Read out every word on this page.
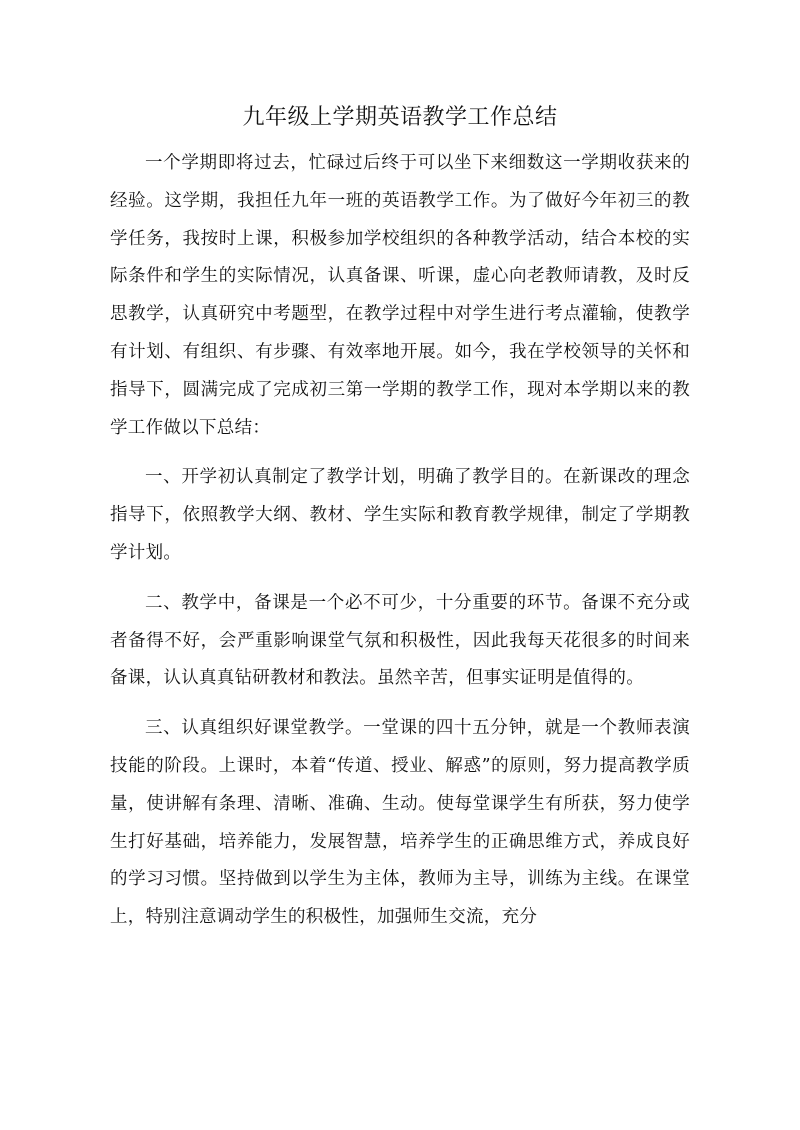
九年级上学期英语教学工作总结

一个学期即将过去，忙碌过后终于可以坐下来细数这一学期收获来的经验。这学期，我担任九年一班的英语教学工作。为了做好今年初三的教学任务，我按时上课，积极参加学校组织的各种教学活动，结合本校的实际条件和学生的实际情况，认真备课、听课，虚心向老教师请教，及时反思教学，认真研究中考题型，在教学过程中对学生进行考点灌输，使教学有计划、有组织、有步骤、有效率地开展。如今，我在学校领导的关怀和指导下，圆满完成了完成初三第一学期的教学工作，现对本学期以来的教学工作做以下总结：

一、开学初认真制定了教学计划，明确了教学目的。在新课改的理念指导下，依照教学大纲、教材、学生实际和教育教学规律，制定了学期教学计划。

二、教学中，备课是一个必不可少，十分重要的环节。备课不充分或者备得不好，会严重影响课堂气氛和积极性，因此我每天花很多的时间来备课，认认真真钻研教材和教法。虽然辛苦，但事实证明是值得的。

三、认真组织好课堂教学。一堂课的四十五分钟，就是一个教师表演技能的阶段。上课时，本着“传道、授业、解惑”的原则，努力提高教学质量，使讲解有条理、清晰、准确、生动。使每堂课学生有所获，努力使学生打好基础，培养能力，发展智慧，培养学生的正确思维方式，养成良好的学习习惯。坚持做到以学生为主体，教师为主导，训练为主线。在课堂上，特别注意调动学生的积极性，加强师生交流，充分
